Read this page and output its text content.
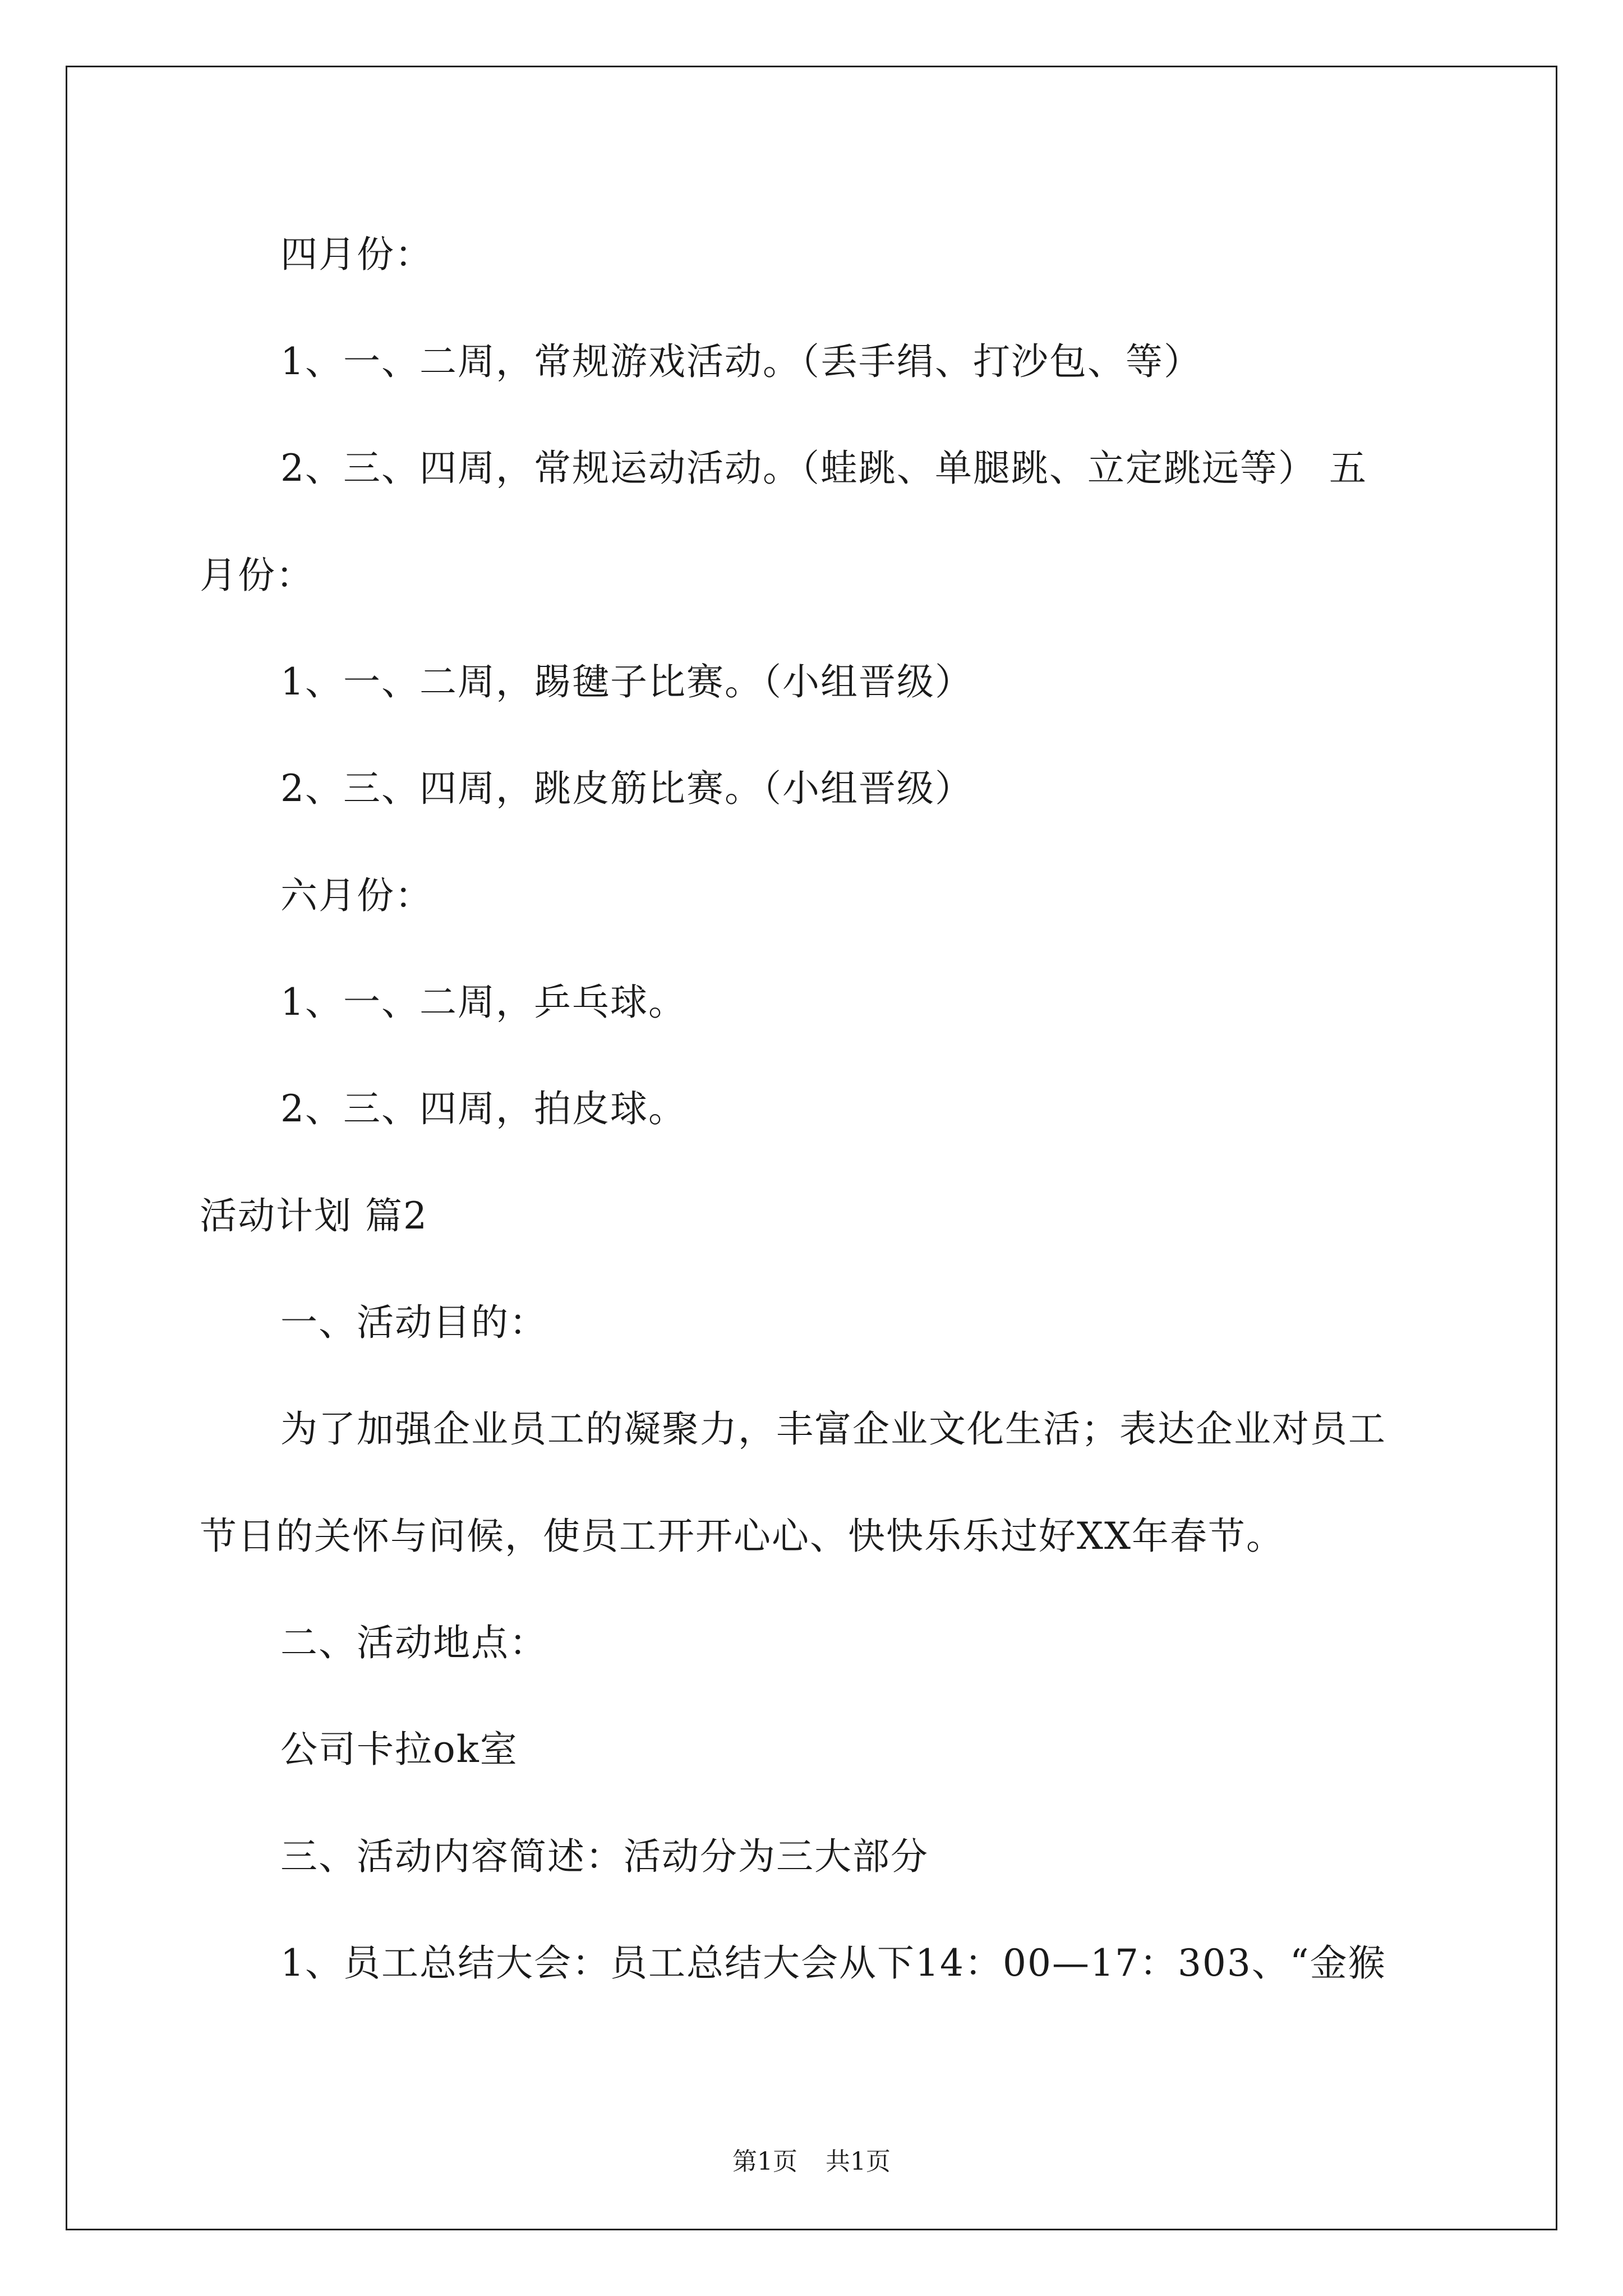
四月份：
1、一、二周，常规游戏活动。（丢手绢、打沙包、等）
2、三、四周，常规运动活动。（蛙跳、单腿跳、立定跳远等） 五
月份：
1、一、二周，踢毽子比赛。（小组晋级）
2、三、四周，跳皮筋比赛。（小组晋级）
六月份：
1、一、二周，乒乓球。
2、三、四周，拍皮球。
活动计划 篇2
一、活动目的：
为了加强企业员工的凝聚力，丰富企业文化生活；表达企业对员工
节日的关怀与问候，使员工开开心心、快快乐乐过好XX年春节。
二、活动地点：
公司卡拉ok室
三、活动内容简述：活动分为三大部分
1、员工总结大会：员工总结大会从下14：00—17：303、“金猴
第1页 共1页
